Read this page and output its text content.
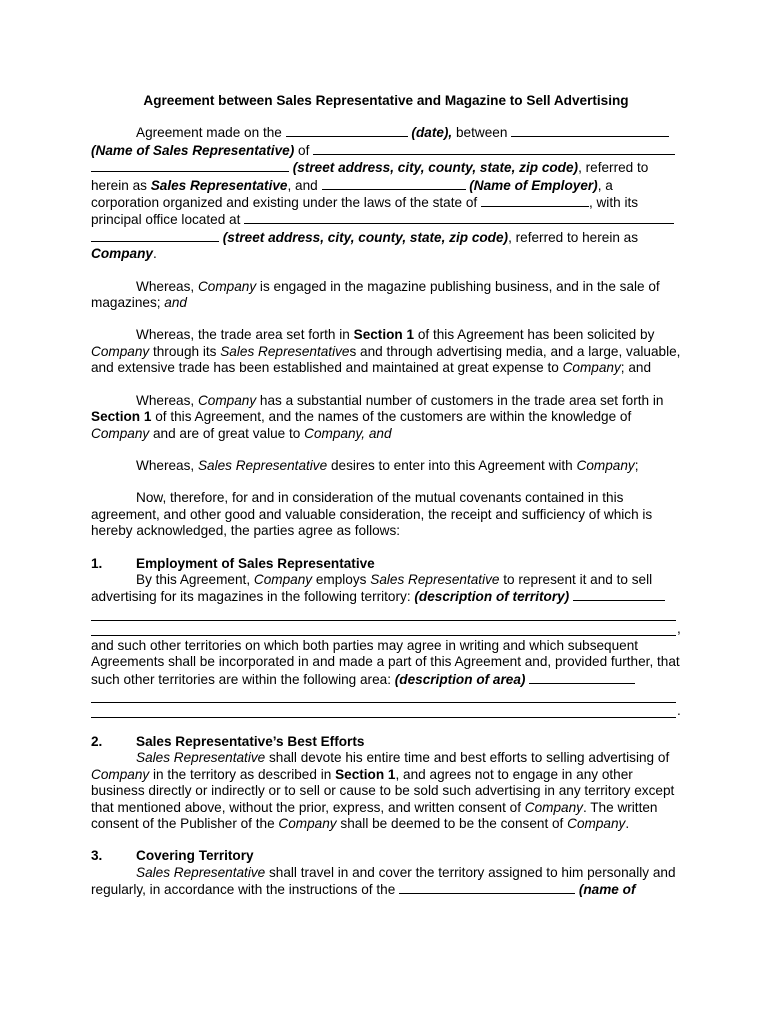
Agreement between Sales Representative and Magazine to Sell Advertising

Agreement made on the	(date), between  (Name of Sales Representative) of  (street address, city, county, state, zip code), referred to herein as Sales Representative, and	(Name of Employer), a corporation organized and existing under the laws of the state of	, with its principal office located at  (street address, city, county, state, zip code), referred to herein as Company.

Whereas, Company is engaged in the magazine publishing business, and in the sale of magazines; and

Whereas, the trade area set forth in Section 1 of this Agreement has been solicited by Company through its Sales Representatives and through advertising media, and a large, valuable, and extensive trade has been established and maintained at great expense to Company; and

Whereas, Company has a substantial number of customers in the trade area set forth in Section 1 of this Agreement, and the names of the customers are within the knowledge of Company and are of great value to Company, and

Whereas, Sales Representative desires to enter into this Agreement with Company;

Now, therefore, for and in consideration of the mutual covenants contained in this agreement, and other good and valuable consideration, the receipt and sufficiency of which is hereby acknowledged, the parties agree as follows:

1. Employment of Sales Representative

By this Agreement, Company employs Sales Representative to represent it and to sell advertising for its magazines in the following territory: (description of territory)

,

and such other territories on which both parties may agree in writing and which subsequent Agreements shall be incorporated in and made a part of this Agreement and, provided further, that such other territories are within the following area: (description of area)

.
2. Sales Representative’s Best Efforts

Sales Representative shall devote his entire time and best efforts to selling advertising of Company in the territory as described in Section 1, and agrees not to engage in any other business directly or indirectly or to sell or cause to be sold such advertising in any territory except that mentioned above, without the prior, express, and written consent of Company. The written consent of the Publisher of the Company shall be deemed to be the consent of Company.

3. Covering Territory

Sales Representative shall travel in and cover the territory assigned to him personally and regularly, in accordance with the instructions of the	(name of
